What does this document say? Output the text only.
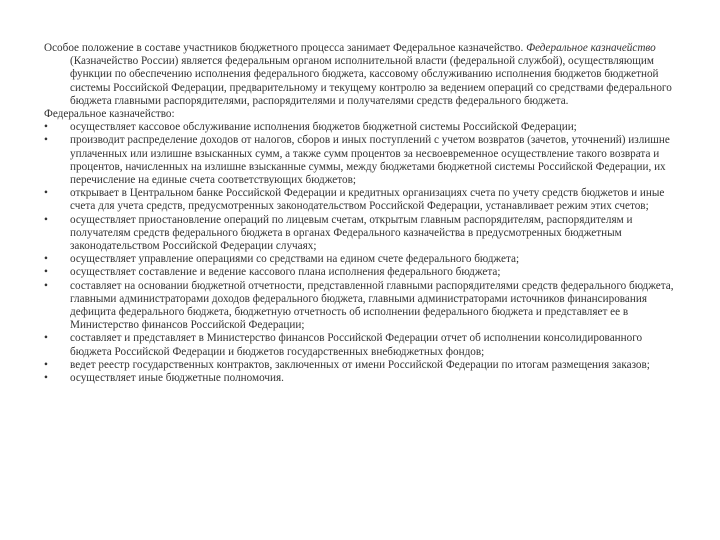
Особое положение в составе участников бюджетного процесса занимает Федеральное казначейство. Федеральное казначейство (Казначейство России) является федеральным органом исполнительной власти (федеральной службой), осуществляющим функции по обеспечению исполнения федерального бюджета, кассовому обслуживанию исполнения бюджетов бюджетной системы Российской Федерации, предварительному и текущему контролю за ведением операций со средствами федерального бюджета главными распорядителями, распорядителями и получателями средств федерального бюджета.

Федеральное казначейство:

•	осуществляет кассовое обслуживание исполнения бюджетов бюджетной системы Российской Федерации;
•	производит распределение доходов от налогов, сборов и иных поступлений с учетом возвратов (зачетов, уточнений) излишне уплаченных или излишне взысканных сумм, а также сумм процентов за несвоевременное осуществление такого возврата и процентов, начисленных на излишне взысканные суммы, между бюджетами бюджетной системы Российской Федерации, их перечисление на единые счета соответствующих бюджетов;
•	открывает в Центральном банке Российской Федерации и кредитных организациях счета по учету средств бюджетов и иные счета для учета средств, предусмотренных законодательством Российской Федерации, устанавливает режим этих счетов;
•	осуществляет приостановление операций по лицевым счетам, открытым главным распорядителям, распорядителям и получателям средств федерального бюджета в органах Федерального казначейства в предусмотренных бюджетным законодательством Российской Федерации случаях;
•	осуществляет управление операциями со средствами на едином счете федерального бюджета;
•	осуществляет составление и ведение кассового плана исполнения федерального бюджета;
•	составляет на основании бюджетной отчетности, представленной главными распорядителями средств федерального бюджета, главными администраторами доходов федерального бюджета, главными администраторами источников финансирования дефицита федерального бюджета, бюджетную отчетность об исполнении федерального бюджета и представляет ее в Министерство финансов Российской Федерации;
•	составляет и представляет в Министерство финансов Российской Федерации отчет об исполнении консолидированного бюджета Российской Федерации и бюджетов государственных внебюджетных фондов;
•	ведет реестр государственных контрактов, заключенных от имени Российской Федерации по итогам размещения заказов;
•	осуществляет иные бюджетные полномочия.
